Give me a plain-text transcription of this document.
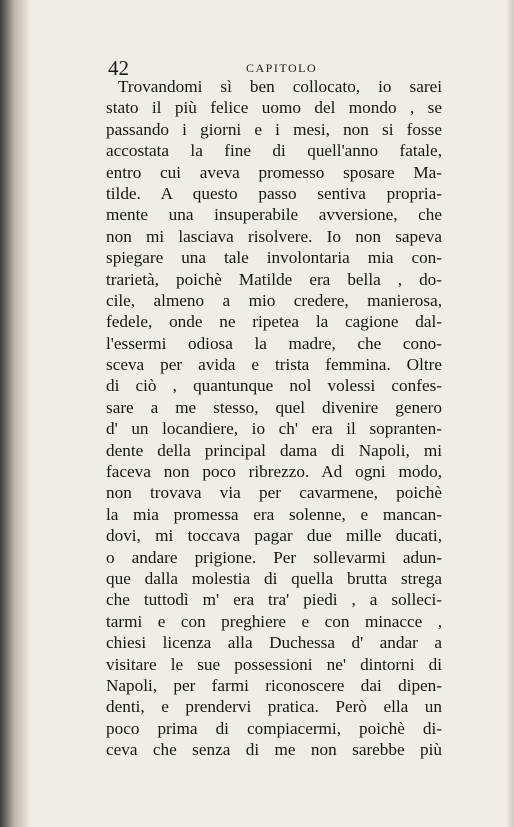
42	CAPITOLO
Trovandomi sì ben collocato, io sarei
stato il più felice uomo del mondo , se
passando i giorni e i mesi, non si fosse
accostata la fine di quell'anno fatale,
entro cui aveva promesso sposare Ma-
tilde. A questo passo sentiva propria-
mente una insuperabile avversione, che
non mi lasciava risolvere. Io non sapeva
spiegare una tale involontaria mia con-
trarietà, poichè Matilde era bella , do-
cile, almeno a mio credere, manierosa,
fedele, onde ne ripetea la cagione dal-
l'essermi odiosa la madre, che cono-
sceva per avida e trista femmina. Oltre
di ciò , quantunque nol volessi confes-
sare a me stesso, quel divenire genero
d' un locandiere, io ch' era il sopranten-
dente della principal dama di Napoli, mi
faceva non poco ribrezzo. Ad ogni modo,
non trovava via per cavarmene, poichè
la mia promessa era solenne, e mancan-
dovi, mi toccava pagar due mille ducati,
o andare prigione. Per sollevarmi adun-
que dalla molestia di quella brutta strega
che tuttodì m' era tra' piedi , a solleci-
tarmi e con preghiere e con minacce ,
chiesi licenza alla Duchessa d' andar a
visitare le sue possessioni ne' dintorni di
Napoli, per farmi riconoscere dai dipen-
denti, e prendervi pratica. Però ella un
poco prima di compiacermi, poichè di-
ceva che senza di me non sarebbe più
